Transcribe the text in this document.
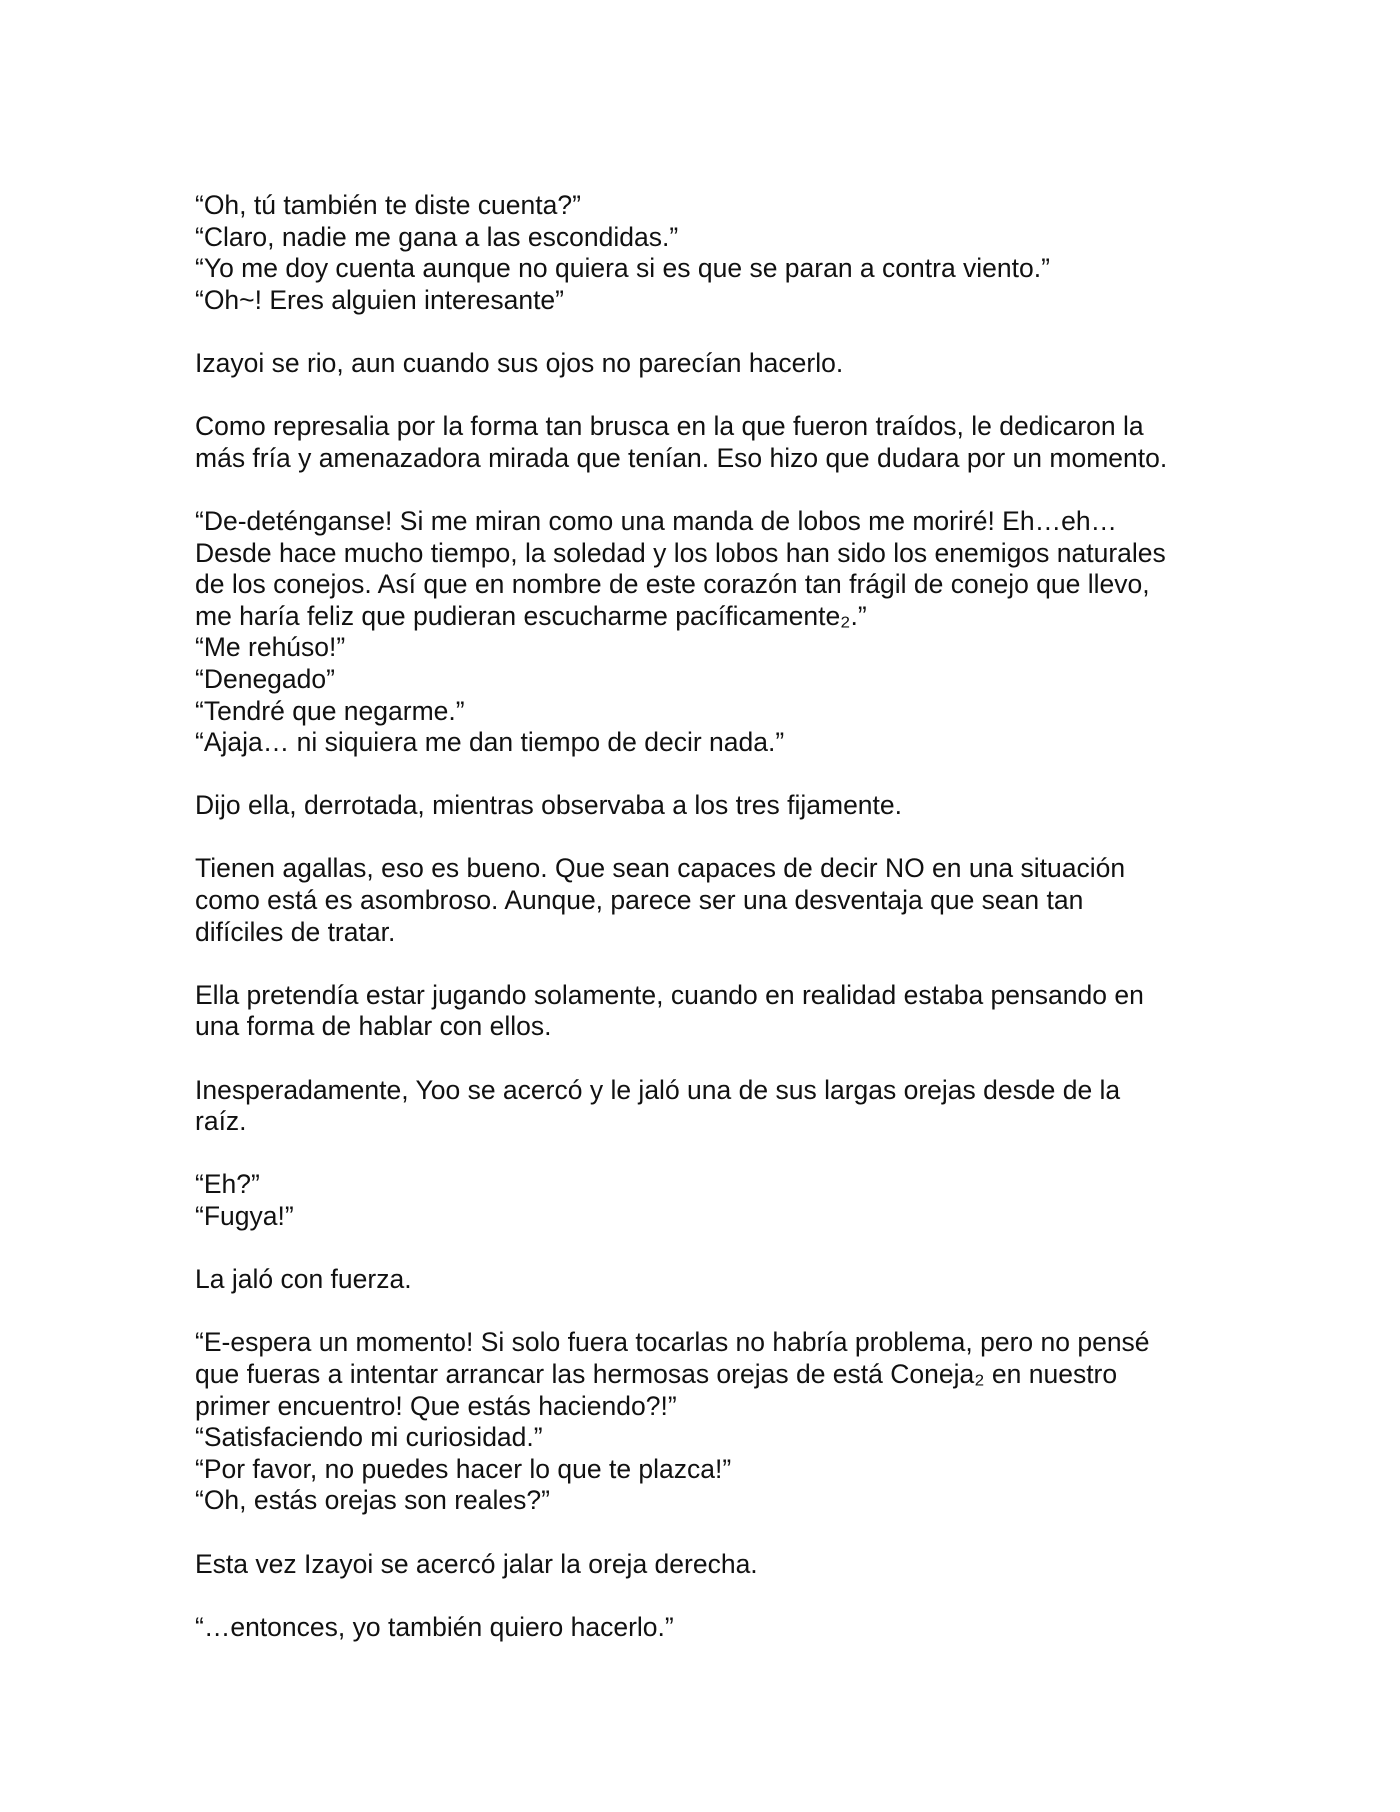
“Oh, tú también te diste cuenta?”
“Claro, nadie me gana a las escondidas.”
“Yo me doy cuenta aunque no quiera si es que se paran a contra viento.”
“Oh~! Eres alguien interesante”

Izayoi se rio, aun cuando sus ojos no parecían hacerlo.

Como represalia por la forma tan brusca en la que fueron traídos, le dedicaron la
más fría y amenazadora mirada que tenían. Eso hizo que dudara por un momento.

“De-deténganse! Si me miran como una manda de lobos me moriré! Eh…eh…
Desde hace mucho tiempo, la soledad y los lobos han sido los enemigos naturales
de los conejos. Así que en nombre de este corazón tan frágil de conejo que llevo,
me haría feliz que pudieran escucharme pacíficamente₂.”
“Me rehúso!”
“Denegado”
“Tendré que negarme.”
“Ajaja… ni siquiera me dan tiempo de decir nada.”

Dijo ella, derrotada, mientras observaba a los tres fijamente.

Tienen agallas, eso es bueno. Que sean capaces de decir NO en una situación
como está es asombroso. Aunque, parece ser una desventaja que sean tan
difíciles de tratar.

Ella pretendía estar jugando solamente, cuando en realidad estaba pensando en
una forma de hablar con ellos.

Inesperadamente, Yoo se acercó y le jaló una de sus largas orejas desde de la
raíz.

“Eh?”
“Fugya!”

La jaló con fuerza.

“E-espera un momento! Si solo fuera tocarlas no habría problema, pero no pensé
que fueras a intentar arrancar las hermosas orejas de está Coneja₂ en nuestro
primer encuentro! Que estás haciendo?!”
“Satisfaciendo mi curiosidad.”
“Por favor, no puedes hacer lo que te plazca!”
“Oh, estás orejas son reales?”

Esta vez Izayoi se acercó jalar la oreja derecha.

“…entonces, yo también quiero hacerlo.”
